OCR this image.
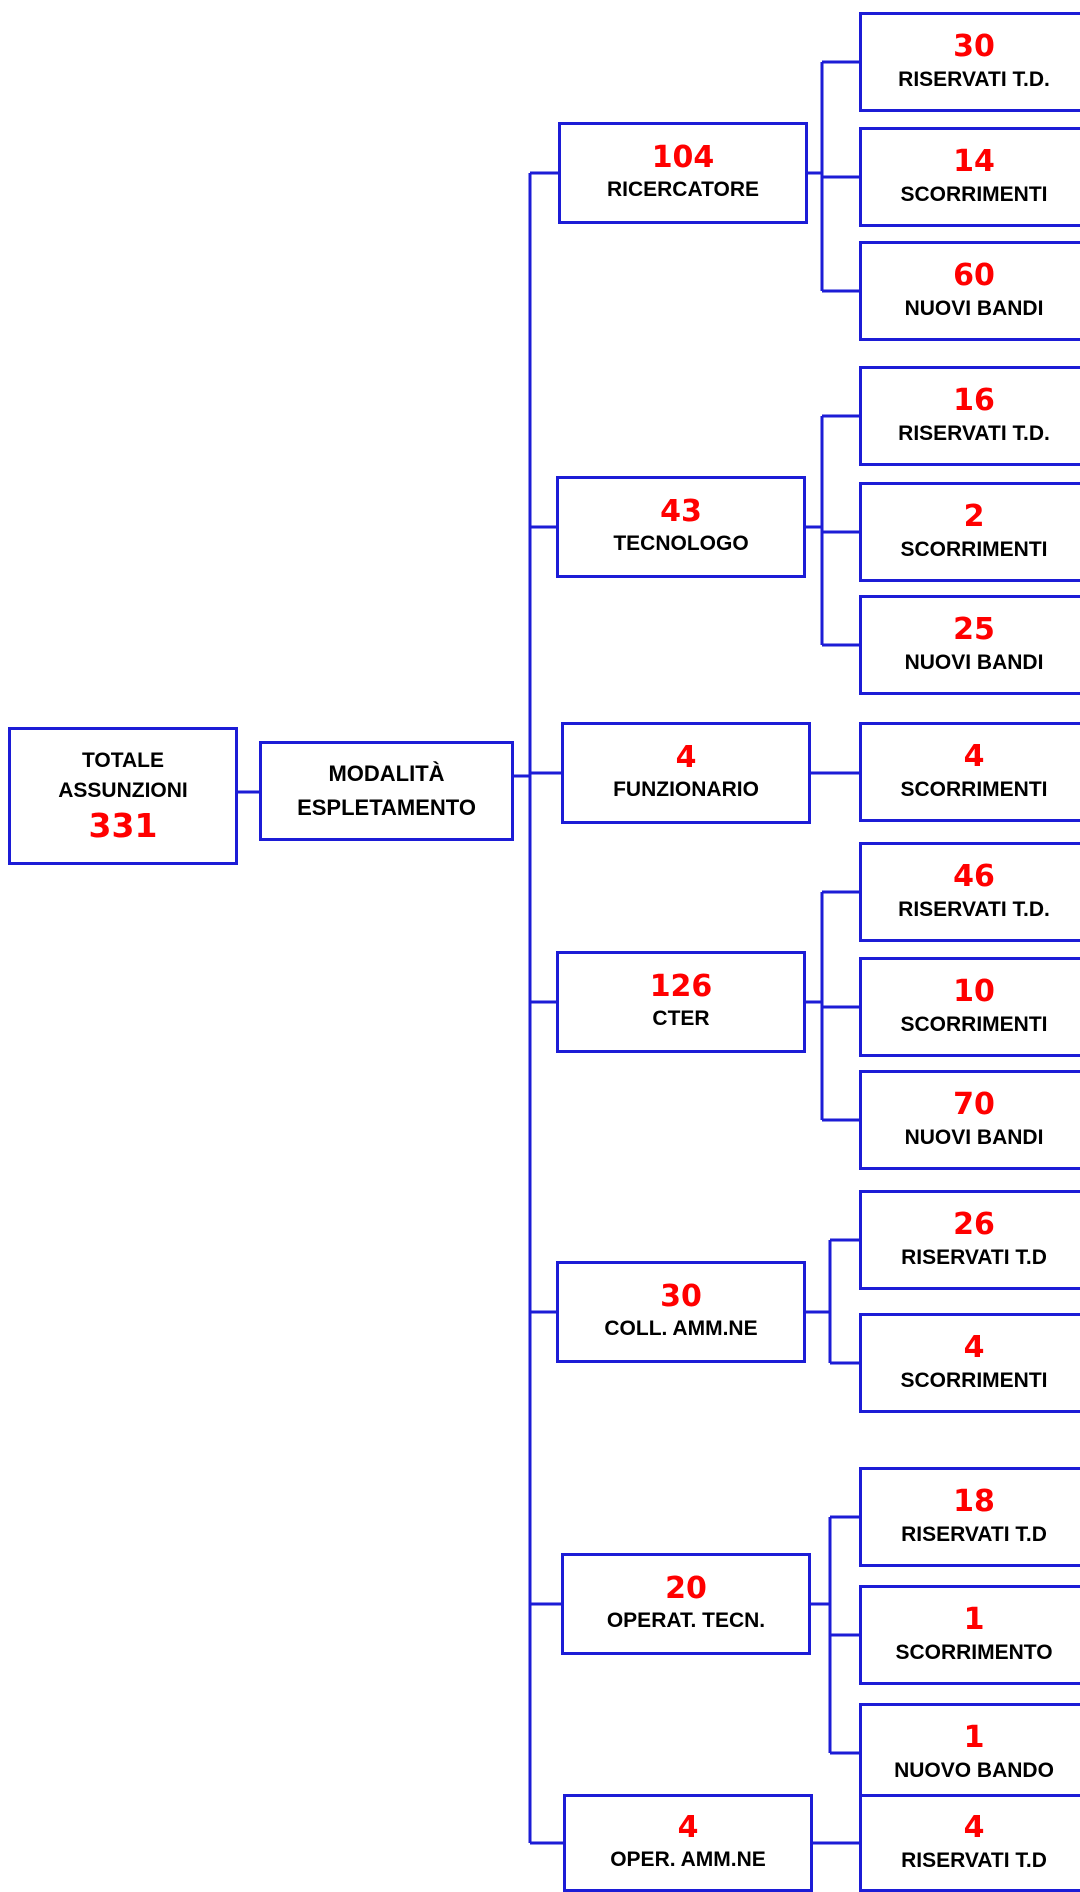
TOTALE
ASSUNZIONI
331
MODALITÀ
ESPLETAMENTO
104
RICERCATORE
30
RISERVATI T.D.
14
SCORRIMENTI
60
NUOVI BANDI
43
TECNOLOGO
16
RISERVATI T.D.
2
SCORRIMENTI
25
NUOVI BANDI
4
FUNZIONARIO
4
SCORRIMENTI
126
CTER
46
RISERVATI T.D.
10
SCORRIMENTI
70
NUOVI BANDI
30
COLL. AMM.NE
26
RISERVATI T.D
4
SCORRIMENTI
20
OPERAT. TECN.
18
RISERVATI T.D
1
SCORRIMENTO
1
NUOVO BANDO
4
OPER. AMM.NE
4
RISERVATI T.D
